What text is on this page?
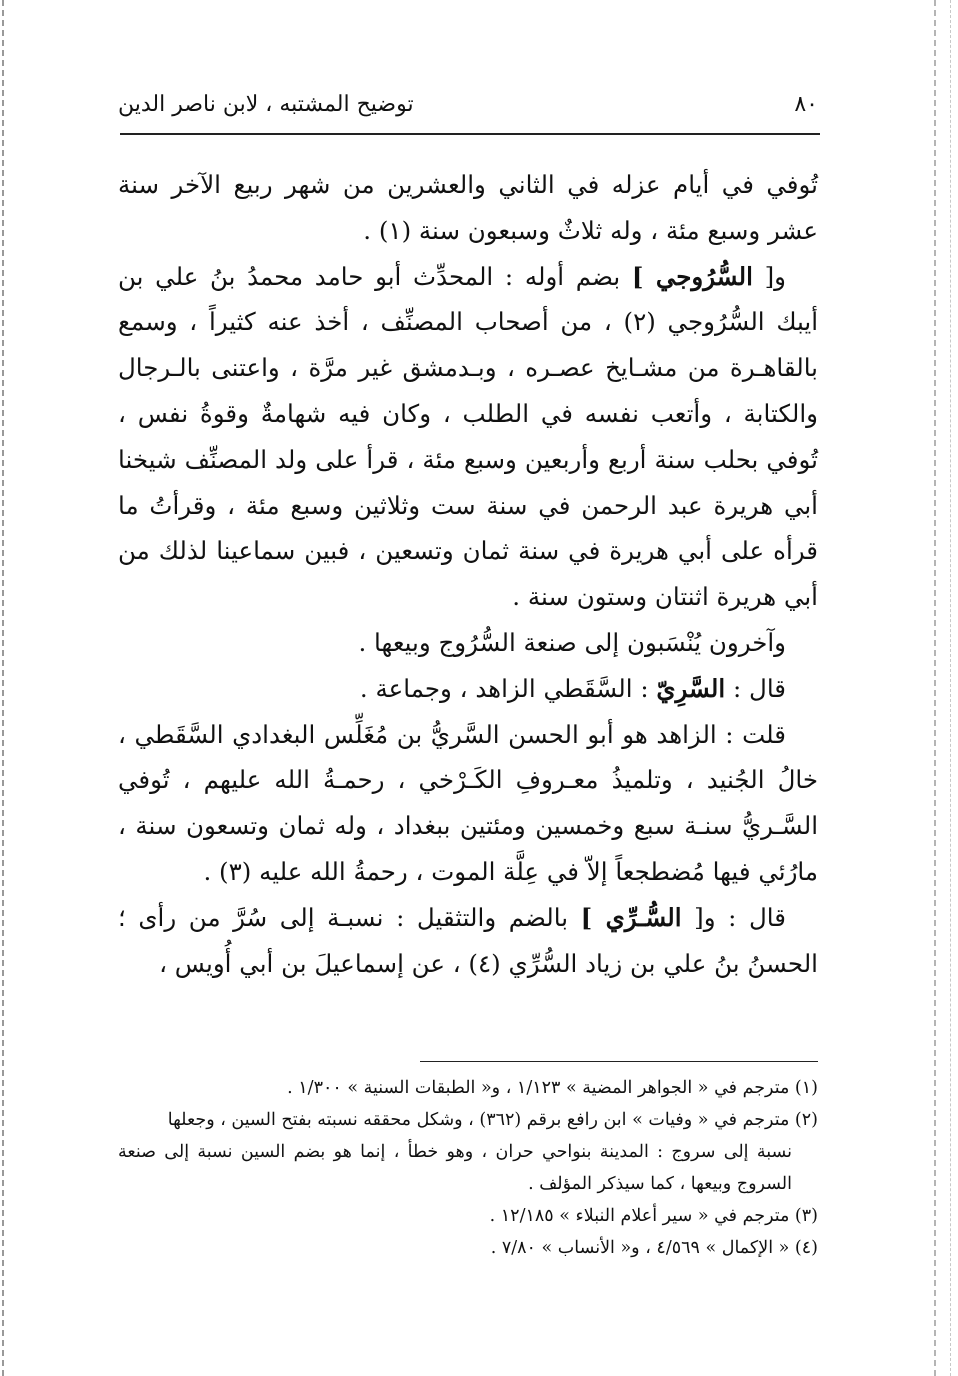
٨٠
توضيح المشتبه ، لابن ناصر الدين

تُوفي في أيام عزله في الثاني والعشرين من شهر ربيع الآخر سنة عشر وسبع مئة ، وله ثلاثٌ وسبعون سنة (١) .

و[ السُّرُوجي ] بضم أوله : المحدِّث أبو حامد محمدُ بنُ علي بن أيبك السُّرُوجي (٢) ، من أصحاب المصنِّف ، أخذ عنه كثيراً ، وسمع بالقاهـرة من مشـايخ عصـره ، وبـدمشق غير مرَّة ، واعتنى بالـرجال والكتابة ، وأتعب نفسه في الطلب ، وكان فيه شهامةٌ وقوةُ نفس ، تُوفي بحلب سنة أربع وأربعين وسبع مئة ، قرأ على ولد المصنِّف شيخنا أبي هريرة عبد الرحمن في سنة ست وثلاثين وسبع مئة ، وقرأتُ ما قرأه على أبي هريرة في سنة ثمان وتسعين ، فبين سماعينا لذلك من أبي هريرة اثنتان وستون سنة .

وآخرون يُنْسَبون إلى صنعة السُّرُوج وبيعها .

قال : السَّرِيّ : السَّقَطي الزاهد ، وجماعة .

قلت : الزاهد هو أبو الحسن السَّريُّ بن مُغَلِّس البغدادي السَّقَطي ، خالُ الجُنيد ، وتلميذُ معـروفِ الكَـرْخي ، رحمـةُ الله عليهم ، تُوفي السَّـريُّ سنـة سبع وخمسين ومئتين ببغداد ، وله ثمان وتسعون سنة ، مارُئي فيها مُضطجعاً إلاّ في عِلَّة الموت ، رحمةُ الله عليه (٣) .

قال : و[ السُّـرِّي ] بالضم والتثقيل : نسبـة إلى سُرَّ من رأى ؛ الحسنُ بنُ علي بن زياد السُّرِّي (٤) ، عن إسماعيلَ بن أبي أُويس ،

(١) مترجم في « الجواهر المضية » ١/١٢٣ ، و« الطبقات السنية » ١/٣٠٠ .

(٢) مترجم في « وفيات » ابن رافع برقم (٣٦٢) ، وشكل محققه نسبته بفتح السين ، وجعلها

نسبة إلى سروج : المدينة بنواحي حران ، وهو خطأ ، إنما هو بضم السين نسبة إلى صنعة السروج وبيعها ، كما سيذكر المؤلف .

(٣) مترجم في « سير أعلام النبلاء » ١٢/١٨٥ .

(٤) « الإكمال » ٤/٥٦٩ ، و« الأنساب » ٧/٨٠ .
